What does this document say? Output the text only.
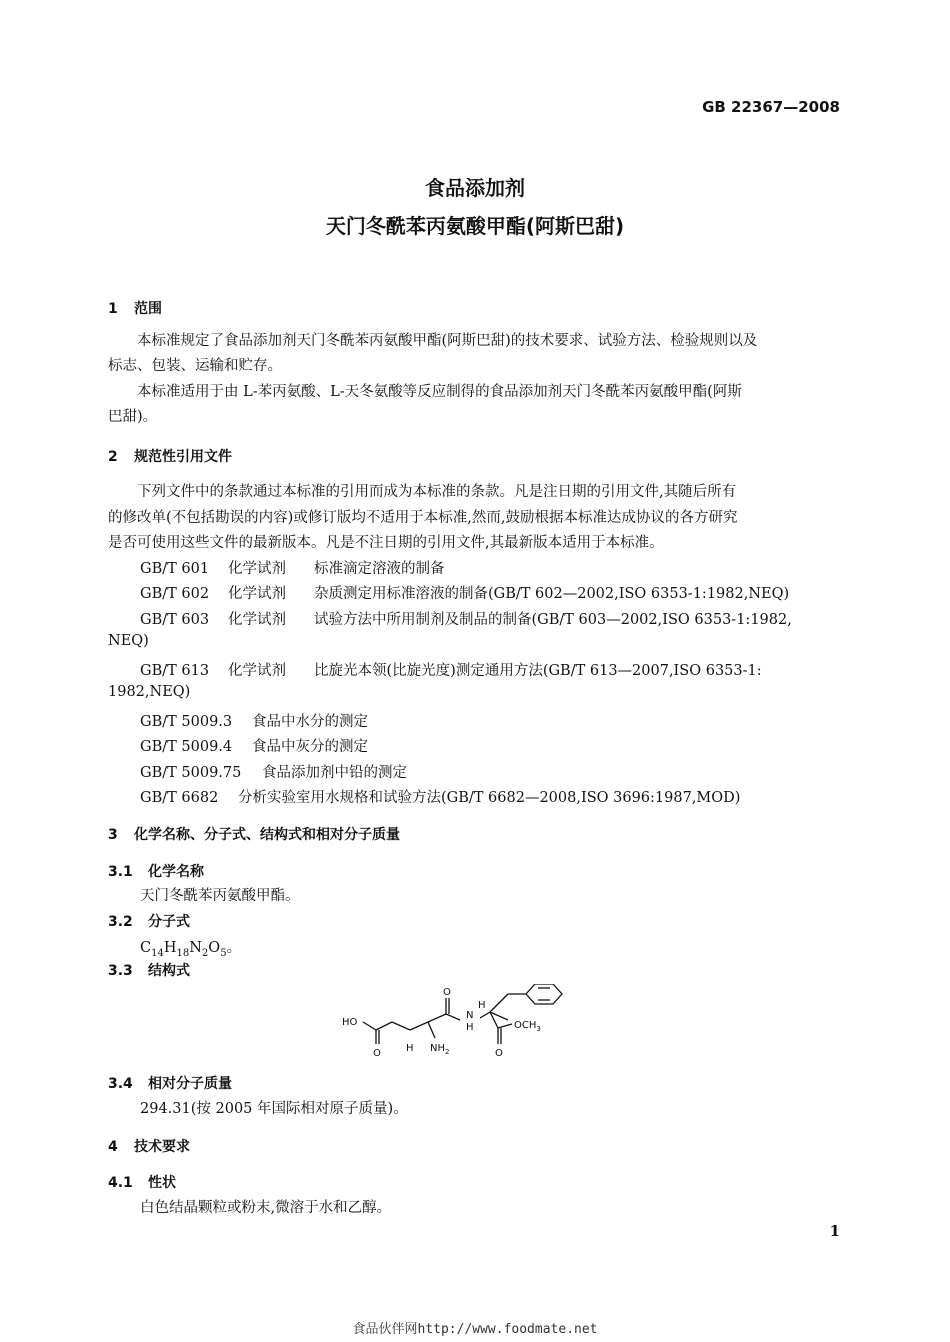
GB 22367—2008
食品添加剂
天门冬酰苯丙氨酸甲酯(阿斯巴甜)
1 范围
本标准规定了食品添加剂天门冬酰苯丙氨酸甲酯(阿斯巴甜)的技术要求、试验方法、检验规则以及
标志、包装、运输和贮存。
本标准适用于由 L-苯丙氨酸、L-天冬氨酸等反应制得的食品添加剂天门冬酰苯丙氨酸甲酯(阿斯
巴甜)。
2 规范性引用文件
下列文件中的条款通过本标准的引用而成为本标准的条款。凡是注日期的引用文件,其随后所有
的修改单(不包括勘误的内容)或修订版均不适用于本标准,然而,鼓励根据本标准达成协议的各方研究
是否可使用这些文件的最新版本。凡是不注日期的引用文件,其最新版本适用于本标准。
GB/T 601 化学试剂 标准滴定溶液的制备
GB/T 602 化学试剂 杂质测定用标准溶液的制备(GB/T 602—2002,ISO 6353-1:1982,NEQ)
GB/T 603 化学试剂 试验方法中所用制剂及制品的制备(GB/T 603—2002,ISO 6353-1:1982,
NEQ)
GB/T 613 化学试剂 比旋光本领(比旋光度)测定通用方法(GB/T 613—2007,ISO 6353-1:
1982,NEQ)
GB/T 5009.3 食品中水分的测定
GB/T 5009.4 食品中灰分的测定
GB/T 5009.75 食品添加剂中铅的测定
GB/T 6682 分析实验室用水规格和试验方法(GB/T 6682—2008,ISO 3696:1987,MOD)
3 化学名称、分子式、结构式和相对分子质量
3.1 化学名称
天门冬酰苯丙氨酸甲酯。
3.2 分子式
$C_{14}H_{18}N_2O_5$。
3.3 结构式
HO
O
O
H $NH_2$
N
H
H
O
$OCH_3$
3.4 相对分子质量
294.31(按 2005 年国际相对原子质量)。
4 技术要求
4.1 性状
白色结晶颗粒或粉末,微溶于水和乙醇。
1
食品伙伴网http://www.foodmate.net
